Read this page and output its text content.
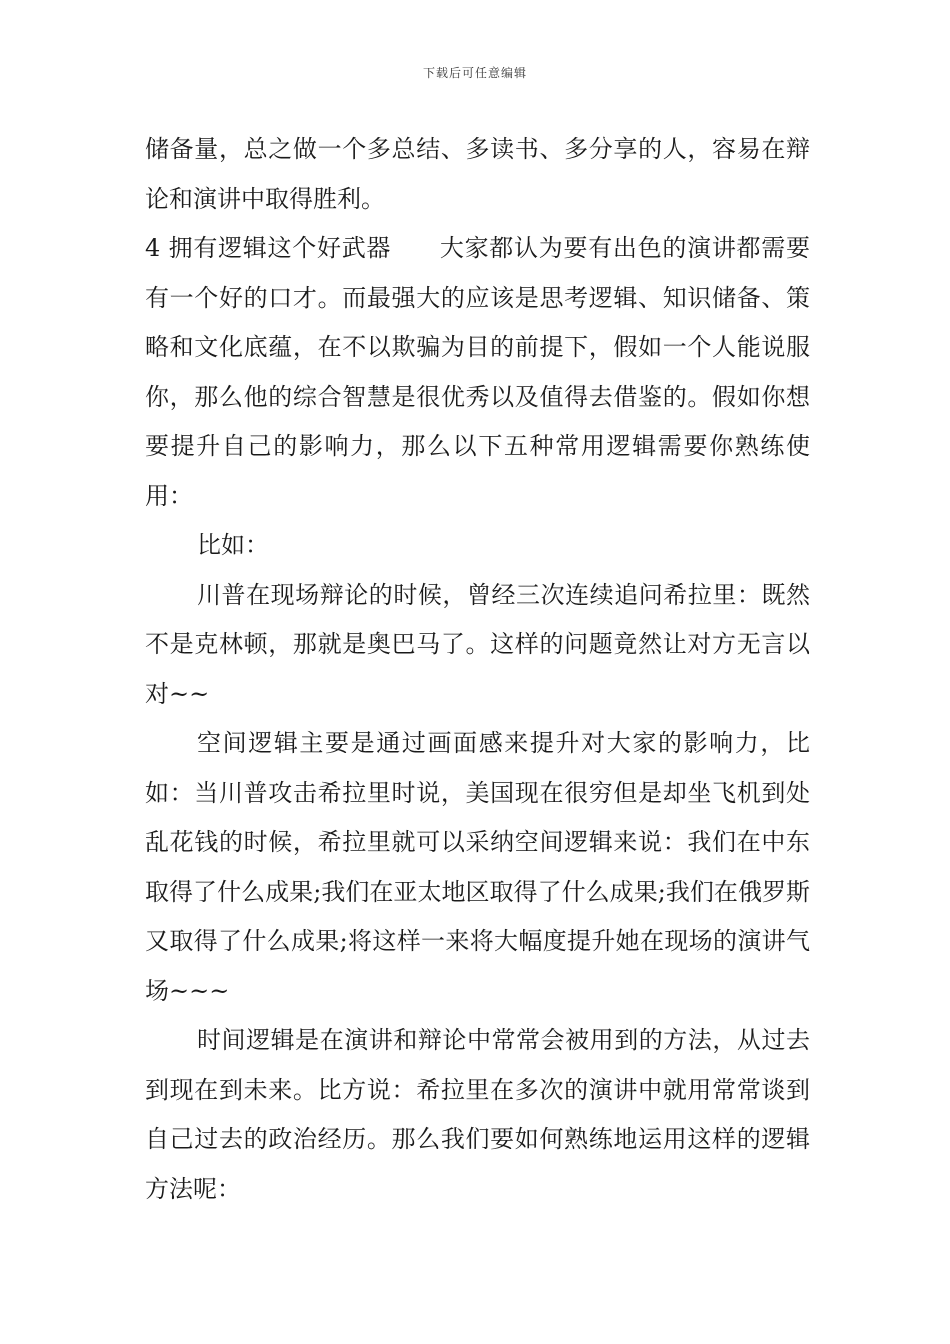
下载后可任意编辑

储备量，总之做一个多总结、多读书、多分享的人，容易在辩论和演讲中取得胜利。

4 拥有逻辑这个好武器 大家都认为要有出色的演讲都需要有一个好的口才。而最强大的应该是思考逻辑、知识储备、策略和文化底蕴，在不以欺骗为目的前提下，假如一个人能说服你，那么他的综合智慧是很优秀以及值得去借鉴的。假如你想要提升自己的影响力，那么以下五种常用逻辑需要你熟练使用：

比如：

川普在现场辩论的时候，曾经三次连续追问希拉里：既然不是克林顿，那就是奥巴马了。这样的问题竟然让对方无言以对~~

空间逻辑主要是通过画面感来提升对大家的影响力，比如：当川普攻击希拉里时说，美国现在很穷但是却坐飞机到处乱花钱的时候，希拉里就可以采纳空间逻辑来说：我们在中东取得了什么成果;我们在亚太地区取得了什么成果;我们在俄罗斯又取得了什么成果;将这样一来将大幅度提升她在现场的演讲气场~~~

时间逻辑是在演讲和辩论中常常会被用到的方法，从过去到现在到未来。比方说：希拉里在多次的演讲中就用常常谈到自己过去的政治经历。那么我们要如何熟练地运用这样的逻辑方法呢：
